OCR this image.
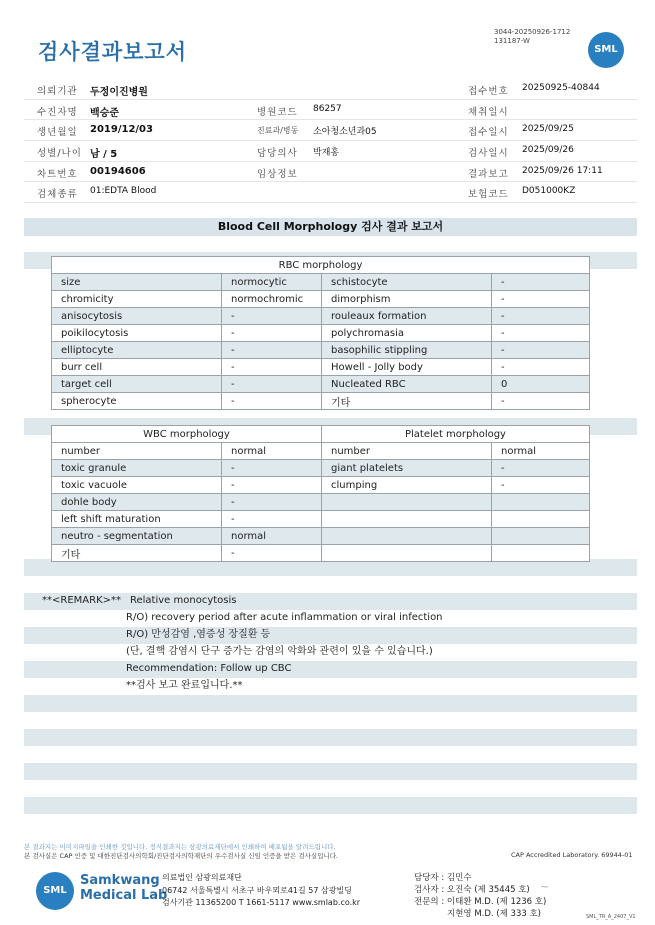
검사결과보고서
3044-20250926-1712
131187-W
SML
의뢰기관 두정이진병원	접수번호 20250925-40844
수진자명 백승준	병원코드 86257	채취일시
생년월일 2019/12/03	진료과/병동 소아청소년과05	접수일시 2025/09/25
성별/나이 남 / 5	담당의사 박재홍	검사일시 2025/09/26
차트번호 00194606	임상정보	결과보고 2025/09/26 17:11
검체종류 01:EDTA Blood	보험코드 D051000KZ
Blood Cell Morphology 검사 결과 보고서
RBC morphology			
size	normocytic	schistocyte	-
chromicity	normochromic	dimorphism	-
anisocytosis	-	rouleaux formation	-
poikilocytosis	-	polychromasia	-
elliptocyte	-	basophilic stippling	-
burr cell	-	Howell - Jolly body	-
target cell	-	Nucleated RBC	0
spherocyte	-	기타	-
WBC morphology		Platelet morphology	
number	normal	number	normal
toxic granule	-	giant platelets	-
toxic vacuole	-	clumping	-
dohle body	-		
left shift maturation	-		
neutro - segmentation	normal		
기타	-		
**<REMARK>** Relative monocytosis
R/O) recovery period after acute inflammation or viral infection
R/O) 만성감염 ,염증성 장질환 등
(단, 결핵 감염시 단구 증가는 감염의 악화와 관련이 있을 수 있습니다.)
Recommendation: Follow up CBC
**검사 보고 완료입니다.**
본 결과지는 이미지파일을 인쇄한 것입니다. 정식결과지는 삼광의료재단에서 인쇄하여 배포됨을 알려드립니다.
본 검사실은 CAP 인증 및 대한진단검사의학회/진단검사의학재단의 우수검사실 신임 인증을 받은 검사실입니다.	CAP Accredited Laboratory. 69944-01
SML
Samkwang
Medical Lab
의료법인 삼광의료재단
06742 서울특별시 서초구 바우뫼로41길 57 삼광빌딩
검사기관 11365200 T 1661-5117 www.smlab.co.kr
담당자 : 김민수
검사자 : 오진숙 (제 35445 호)
전문의 : 이태환 M.D. (제 1236 호)
지현영 M.D. (제 333 호)
~
SML_TR_A_2407_V1
